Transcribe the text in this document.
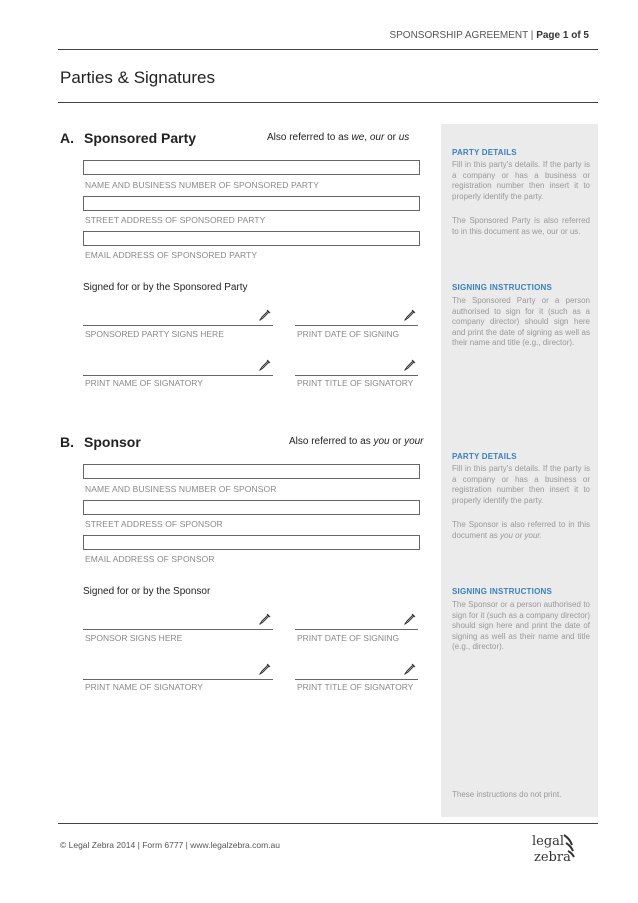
SPONSORSHIP AGREEMENT | Page 1 of 5
Parties & Signatures
A. Sponsored Party	Also referred to as we, our or us
NAME AND BUSINESS NUMBER OF SPONSORED PARTY
STREET ADDRESS OF SPONSORED PARTY
EMAIL ADDRESS OF SPONSORED PARTY
Signed for or by the Sponsored Party
SPONSORED PARTY SIGNS HERE	PRINT DATE OF SIGNING
PRINT NAME OF SIGNATORY	PRINT TITLE OF SIGNATORY
PARTY DETAILS
Fill in this party's details. If the party is a company or has a business or registration number then insert it to properly identify the party.
The Sponsored Party is also referred to in this document as we, our or us.
SIGNING INSTRUCTIONS
The Sponsored Party or a person authorised to sign for it (such as a company director) should sign here and print the date of signing as well as their name and title (e.g., director).
B. Sponsor	Also referred to as you or your
NAME AND BUSINESS NUMBER OF SPONSOR
STREET ADDRESS OF SPONSOR
EMAIL ADDRESS OF SPONSOR
Signed for or by the Sponsor
SPONSOR SIGNS HERE	PRINT DATE OF SIGNING
PRINT NAME OF SIGNATORY	PRINT TITLE OF SIGNATORY
PARTY DETAILS
Fill in this party's details. If the party is a company or has a business or registration number then insert it to properly identify the party.
The Sponsor is also referred to in this document as you or your.
SIGNING INSTRUCTIONS
The Sponsor or a person authorised to sign for it (such as a company director) should sign here and print the date of signing as well as their name and title (e.g., director).
These instructions do not print.
© Legal Zebra 2014 | Form 6777 | www.legalzebra.com.au	legal
zebra
